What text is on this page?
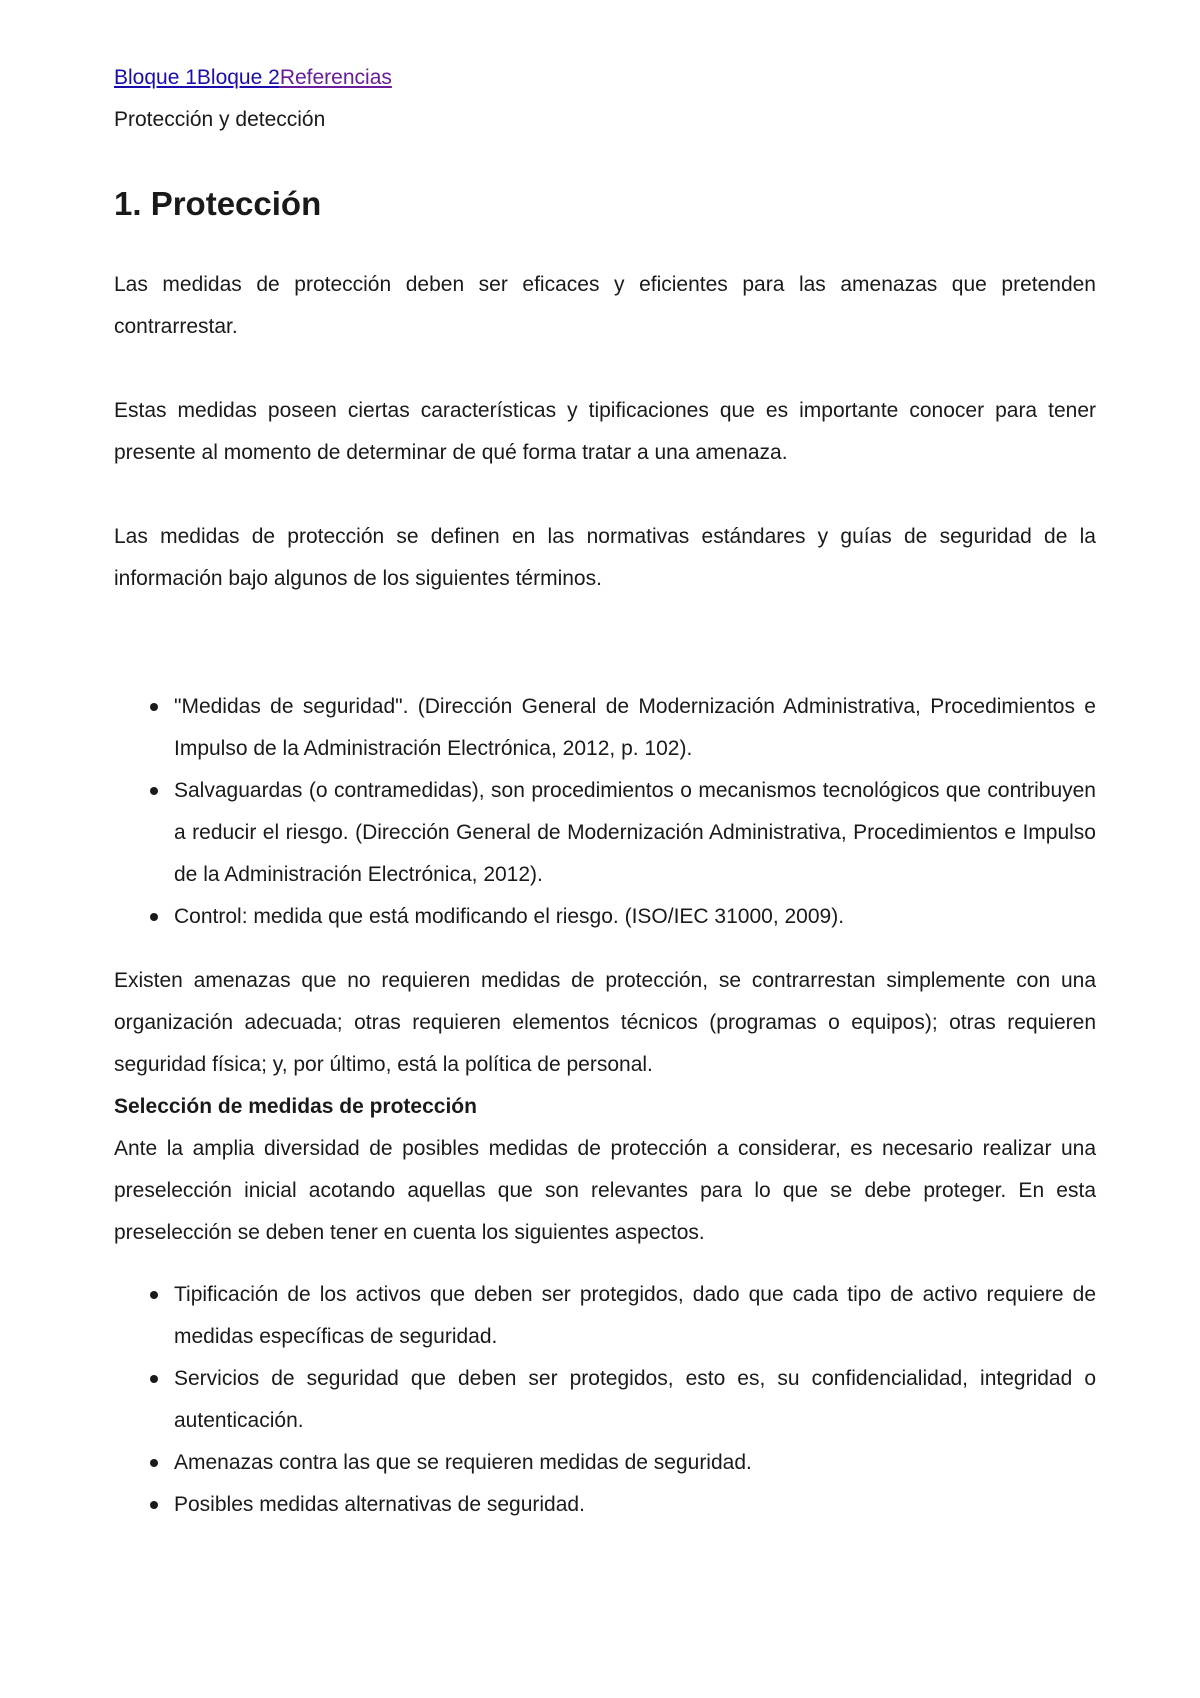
Bloque 1Bloque 2Referencias
Protección y detección
1. Protección

Las medidas de protección deben ser eficaces y eficientes para las amenazas que pretenden contrarrestar.

Estas medidas poseen ciertas características y tipificaciones que es importante conocer para tener presente al momento de determinar de qué forma tratar a una amenaza.

Las medidas de protección se definen en las normativas estándares y guías de seguridad de la información bajo algunos de los siguientes términos.

"Medidas de seguridad". (Dirección General de Modernización Administrativa, Procedimientos e Impulso de la Administración Electrónica, 2012, p. 102).
Salvaguardas (o contramedidas), son procedimientos o mecanismos tecnológicos que contribuyen a reducir el riesgo. (Dirección General de Modernización Administrativa, Procedimientos e Impulso de la Administración Electrónica, 2012).
Control: medida que está modificando el riesgo. (ISO/IEC 31000, 2009).

Existen amenazas que no requieren medidas de protección, se contrarrestan simplemente con una organización adecuada; otras requieren elementos técnicos (programas o equipos); otras requieren seguridad física; y, por último, está la política de personal.

Selección de medidas de protección

Ante la amplia diversidad de posibles medidas de protección a considerar, es necesario realizar una preselección inicial acotando aquellas que son relevantes para lo que se debe proteger. En esta preselección se deben tener en cuenta los siguientes aspectos.

Tipificación de los activos que deben ser protegidos, dado que cada tipo de activo requiere de medidas específicas de seguridad.
Servicios de seguridad que deben ser protegidos, esto es, su confidencialidad, integridad o autenticación.
Amenazas contra las que se requieren medidas de seguridad.
Posibles medidas alternativas de seguridad.
